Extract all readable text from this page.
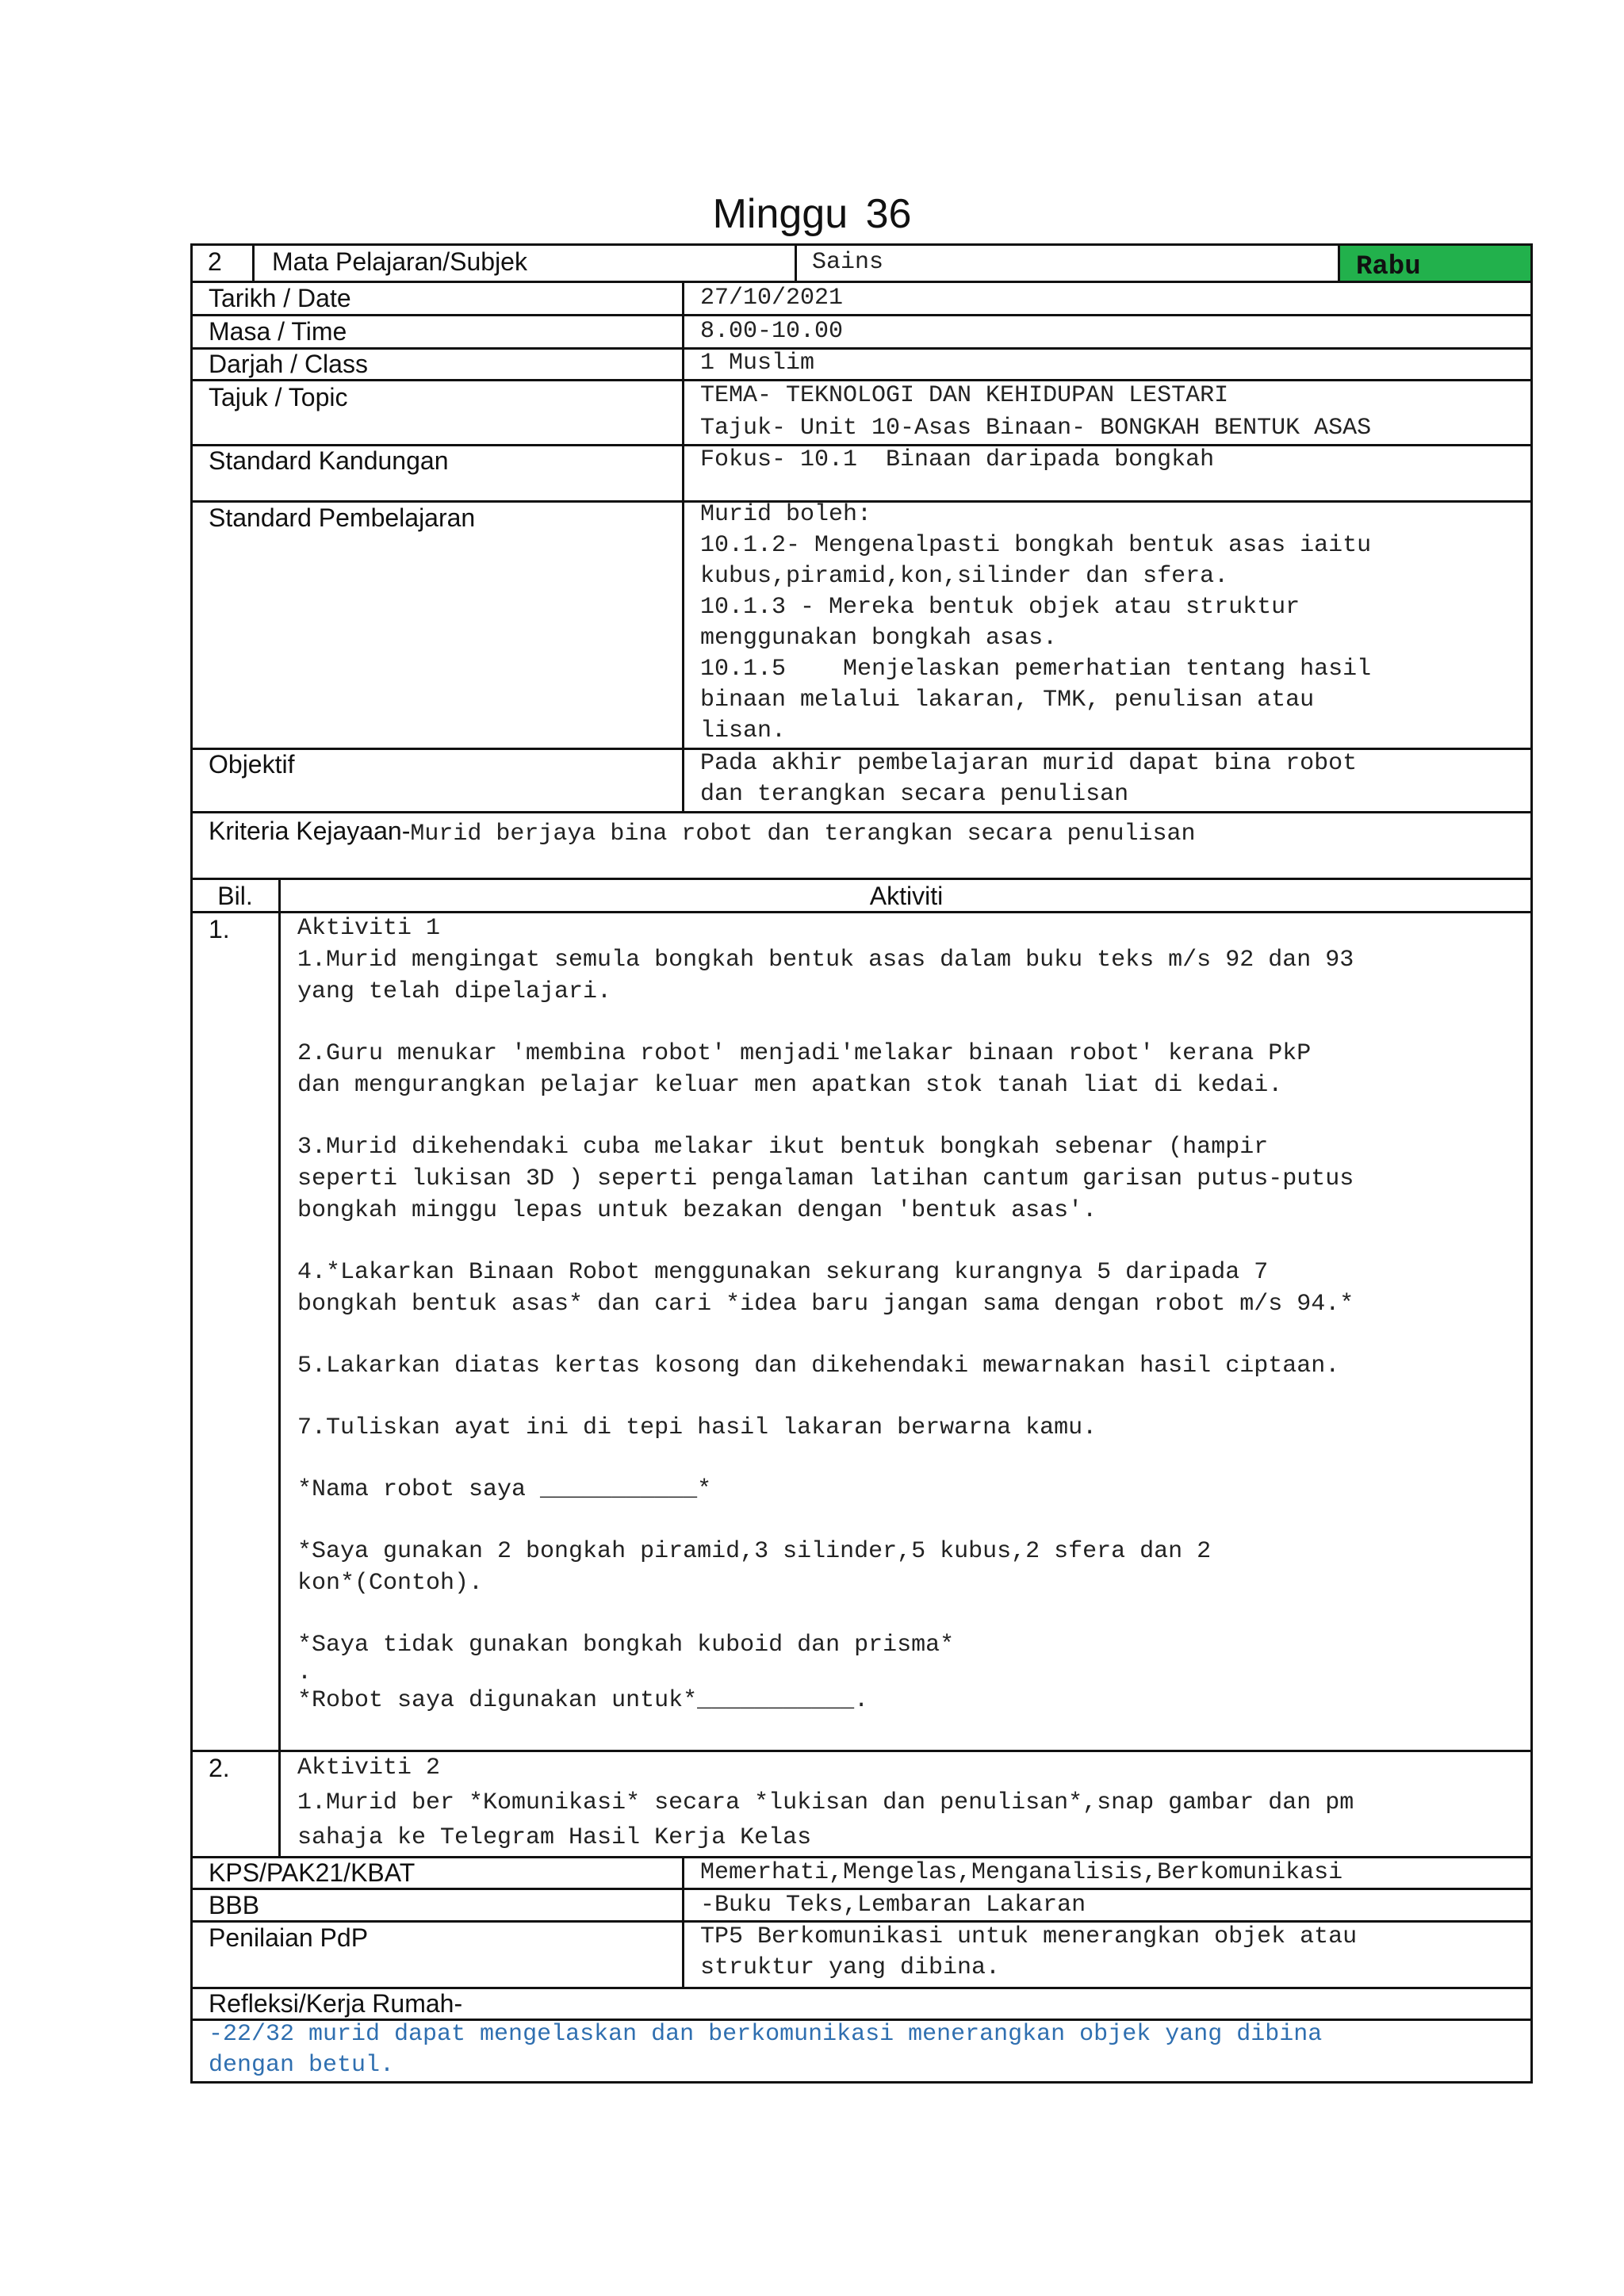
Minggu 36
2 Mata Pelajaran/Subjek	Sains	Rabu
Tarikh / Date	27/10/2021
Masa / Time	8.00-10.00
Darjah / Class	1 Muslim
Tajuk / Topic	TEMA- TEKNOLOGI DAN KEHIDUPAN LESTARI
Tajuk- Unit 10-Asas Binaan- BONGKAH BENTUK ASAS
Standard Kandungan	Fokus- 10.1  Binaan daripada bongkah
Standard Pembelajaran	Murid boleh:
10.1.2- Mengenalpasti bongkah bentuk asas iaitu
kubus,piramid,kon,silinder dan sfera.
10.1.3 - Mereka bentuk objek atau struktur
menggunakan bongkah asas.
10.1.5    Menjelaskan pemerhatian tentang hasil
binaan melalui lakaran, TMK, penulisan atau
lisan.
Objektif	Pada akhir pembelajaran murid dapat bina robot
dan terangkan secara penulisan
Kriteria Kejayaan-Murid berjaya bina robot dan terangkan secara penulisan
Bil.	Aktiviti
1.	Aktiviti 1
1.Murid mengingat semula bongkah bentuk asas dalam buku teks m/s 92 dan 93
yang telah dipelajari.
2.Guru menukar 'membina robot' menjadi'melakar binaan robot' kerana PkP
dan mengurangkan pelajar keluar men apatkan stok tanah liat di kedai.
3.Murid dikehendaki cuba melakar ikut bentuk bongkah sebenar (hampir
seperti lukisan 3D ) seperti pengalaman latihan cantum garisan putus-putus
bongkah minggu lepas untuk bezakan dengan 'bentuk asas'.
4.*Lakarkan Binaan Robot menggunakan sekurang kurangnya 5 daripada 7
bongkah bentuk asas* dan cari *idea baru jangan sama dengan robot m/s 94.*
5.Lakarkan diatas kertas kosong dan dikehendaki mewarnakan hasil ciptaan.
7.Tuliskan ayat ini di tepi hasil lakaran berwarna kamu.
*Nama robot saya ___________*
*Saya gunakan 2 bongkah piramid,3 silinder,5 kubus,2 sfera dan 2
kon*(Contoh).
*Saya tidak gunakan bongkah kuboid dan prisma*
.
*Robot saya digunakan untuk*___________.
2.	Aktiviti 2
1.Murid ber *Komunikasi* secara *lukisan dan penulisan*,snap gambar dan pm
sahaja ke Telegram Hasil Kerja Kelas
KPS/PAK21/KBAT	Memerhati,Mengelas,Menganalisis,Berkomunikasi
BBB	-Buku Teks,Lembaran Lakaran
Penilaian PdP	TP5 Berkomunikasi untuk menerangkan objek atau
struktur yang dibina.
Refleksi/Kerja Rumah-
-22/32 murid dapat mengelaskan dan berkomunikasi menerangkan objek yang dibina
dengan betul.
